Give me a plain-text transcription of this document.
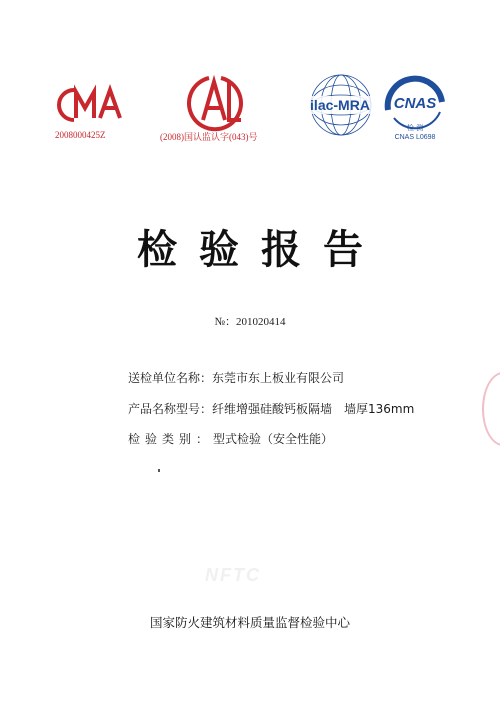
2008000425Z	(2008)国认监认字(043)号
ilac-MRA CNAS
检 测
CNAS L0698
检验报告
№：201020414
送检单位名称：东莞市东上板业有限公司
产品名称型号：纤维增强硅酸钙板隔墙　墙厚136mm
检验类别：型式检验（安全性能）
NFTC
国家防火建筑材料质量监督检验中心
